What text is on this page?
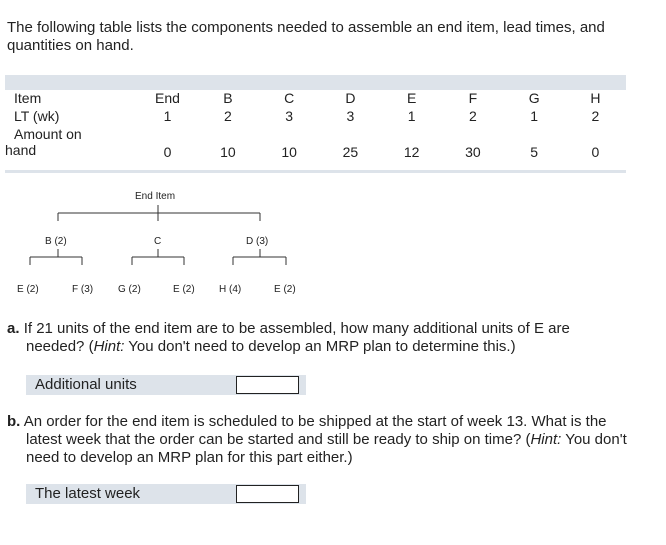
The following table lists the components needed to assemble an end item, lead times, and quantities on hand.
Item	End	B	C	D	E	F	G	H
LT (wk)	1	2	3	3	1	2	1	2

Amount on
hand	0	10	10	25	12	30	5	0
End Item
B (2)	C	D (3)
E (2)	F (3) G (2)	E (2) H (4)	E (2)
a. If 21 units of the end item are to be assembled, how many additional units of E are needed? (Hint: You don't need to develop an MRP plan to determine this.)
Additional units
b. An order for the end item is scheduled to be shipped at the start of week 13. What is the latest week that the order can be started and still be ready to ship on time? (Hint: You don't need to develop an MRP plan for this part either.)
The latest week
